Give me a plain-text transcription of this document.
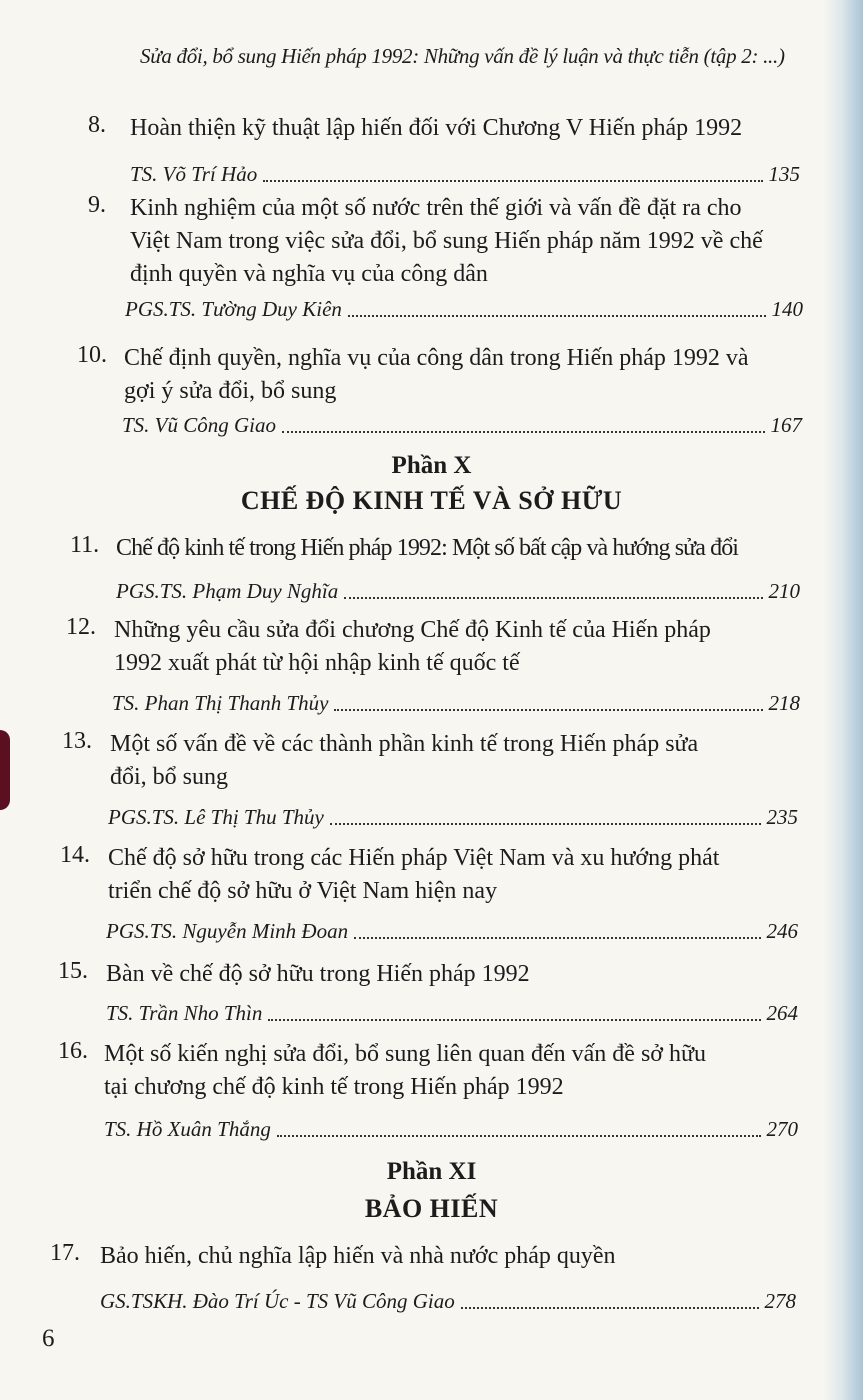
Sửa đổi, bổ sung Hiến pháp 1992: Những vấn đề lý luận và thực tiễn (tập 2: ...)
8. Hoàn thiện kỹ thuật lập hiến đối với Chương V Hiến pháp 1992
TS. Võ Trí Hảo	135
9. Kinh nghiệm của một số nước trên thế giới và vấn đề đặt ra cho
Việt Nam trong việc sửa đổi, bổ sung Hiến pháp năm 1992 về chế
định quyền và nghĩa vụ của công dân
PGS.TS. Tường Duy Kiên	140
10. Chế định quyền, nghĩa vụ của công dân trong Hiến pháp 1992 và
gợi ý sửa đổi, bổ sung
TS. Vũ Công Giao	167
Phần X
CHẾ ĐỘ KINH TẾ VÀ SỞ HỮU
11. Chế độ kinh tế trong Hiến pháp 1992: Một số bất cập và hướng sửa đổi
PGS.TS. Phạm Duy Nghĩa	210
12. Những yêu cầu sửa đổi chương Chế độ Kinh tế của Hiến pháp
1992 xuất phát từ hội nhập kinh tế quốc tế
TS. Phan Thị Thanh Thủy	218
13. Một số vấn đề về các thành phần kinh tế trong Hiến pháp sửa
đổi, bổ sung
PGS.TS. Lê Thị Thu Thủy	235
14. Chế độ sở hữu trong các Hiến pháp Việt Nam và xu hướng phát
triển chế độ sở hữu ở Việt Nam hiện nay
PGS.TS. Nguyễn Minh Đoan	246
15. Bàn về chế độ sở hữu trong Hiến pháp 1992
TS. Trần Nho Thìn	264
16. Một số kiến nghị sửa đổi, bổ sung liên quan đến vấn đề sở hữu
tại chương chế độ kinh tế trong Hiến pháp 1992
TS. Hồ Xuân Thắng	270
Phần XI
BẢO HIẾN
17. Bảo hiến, chủ nghĩa lập hiến và nhà nước pháp quyền
GS.TSKH. Đào Trí Úc - TS Vũ Công Giao	278
6
